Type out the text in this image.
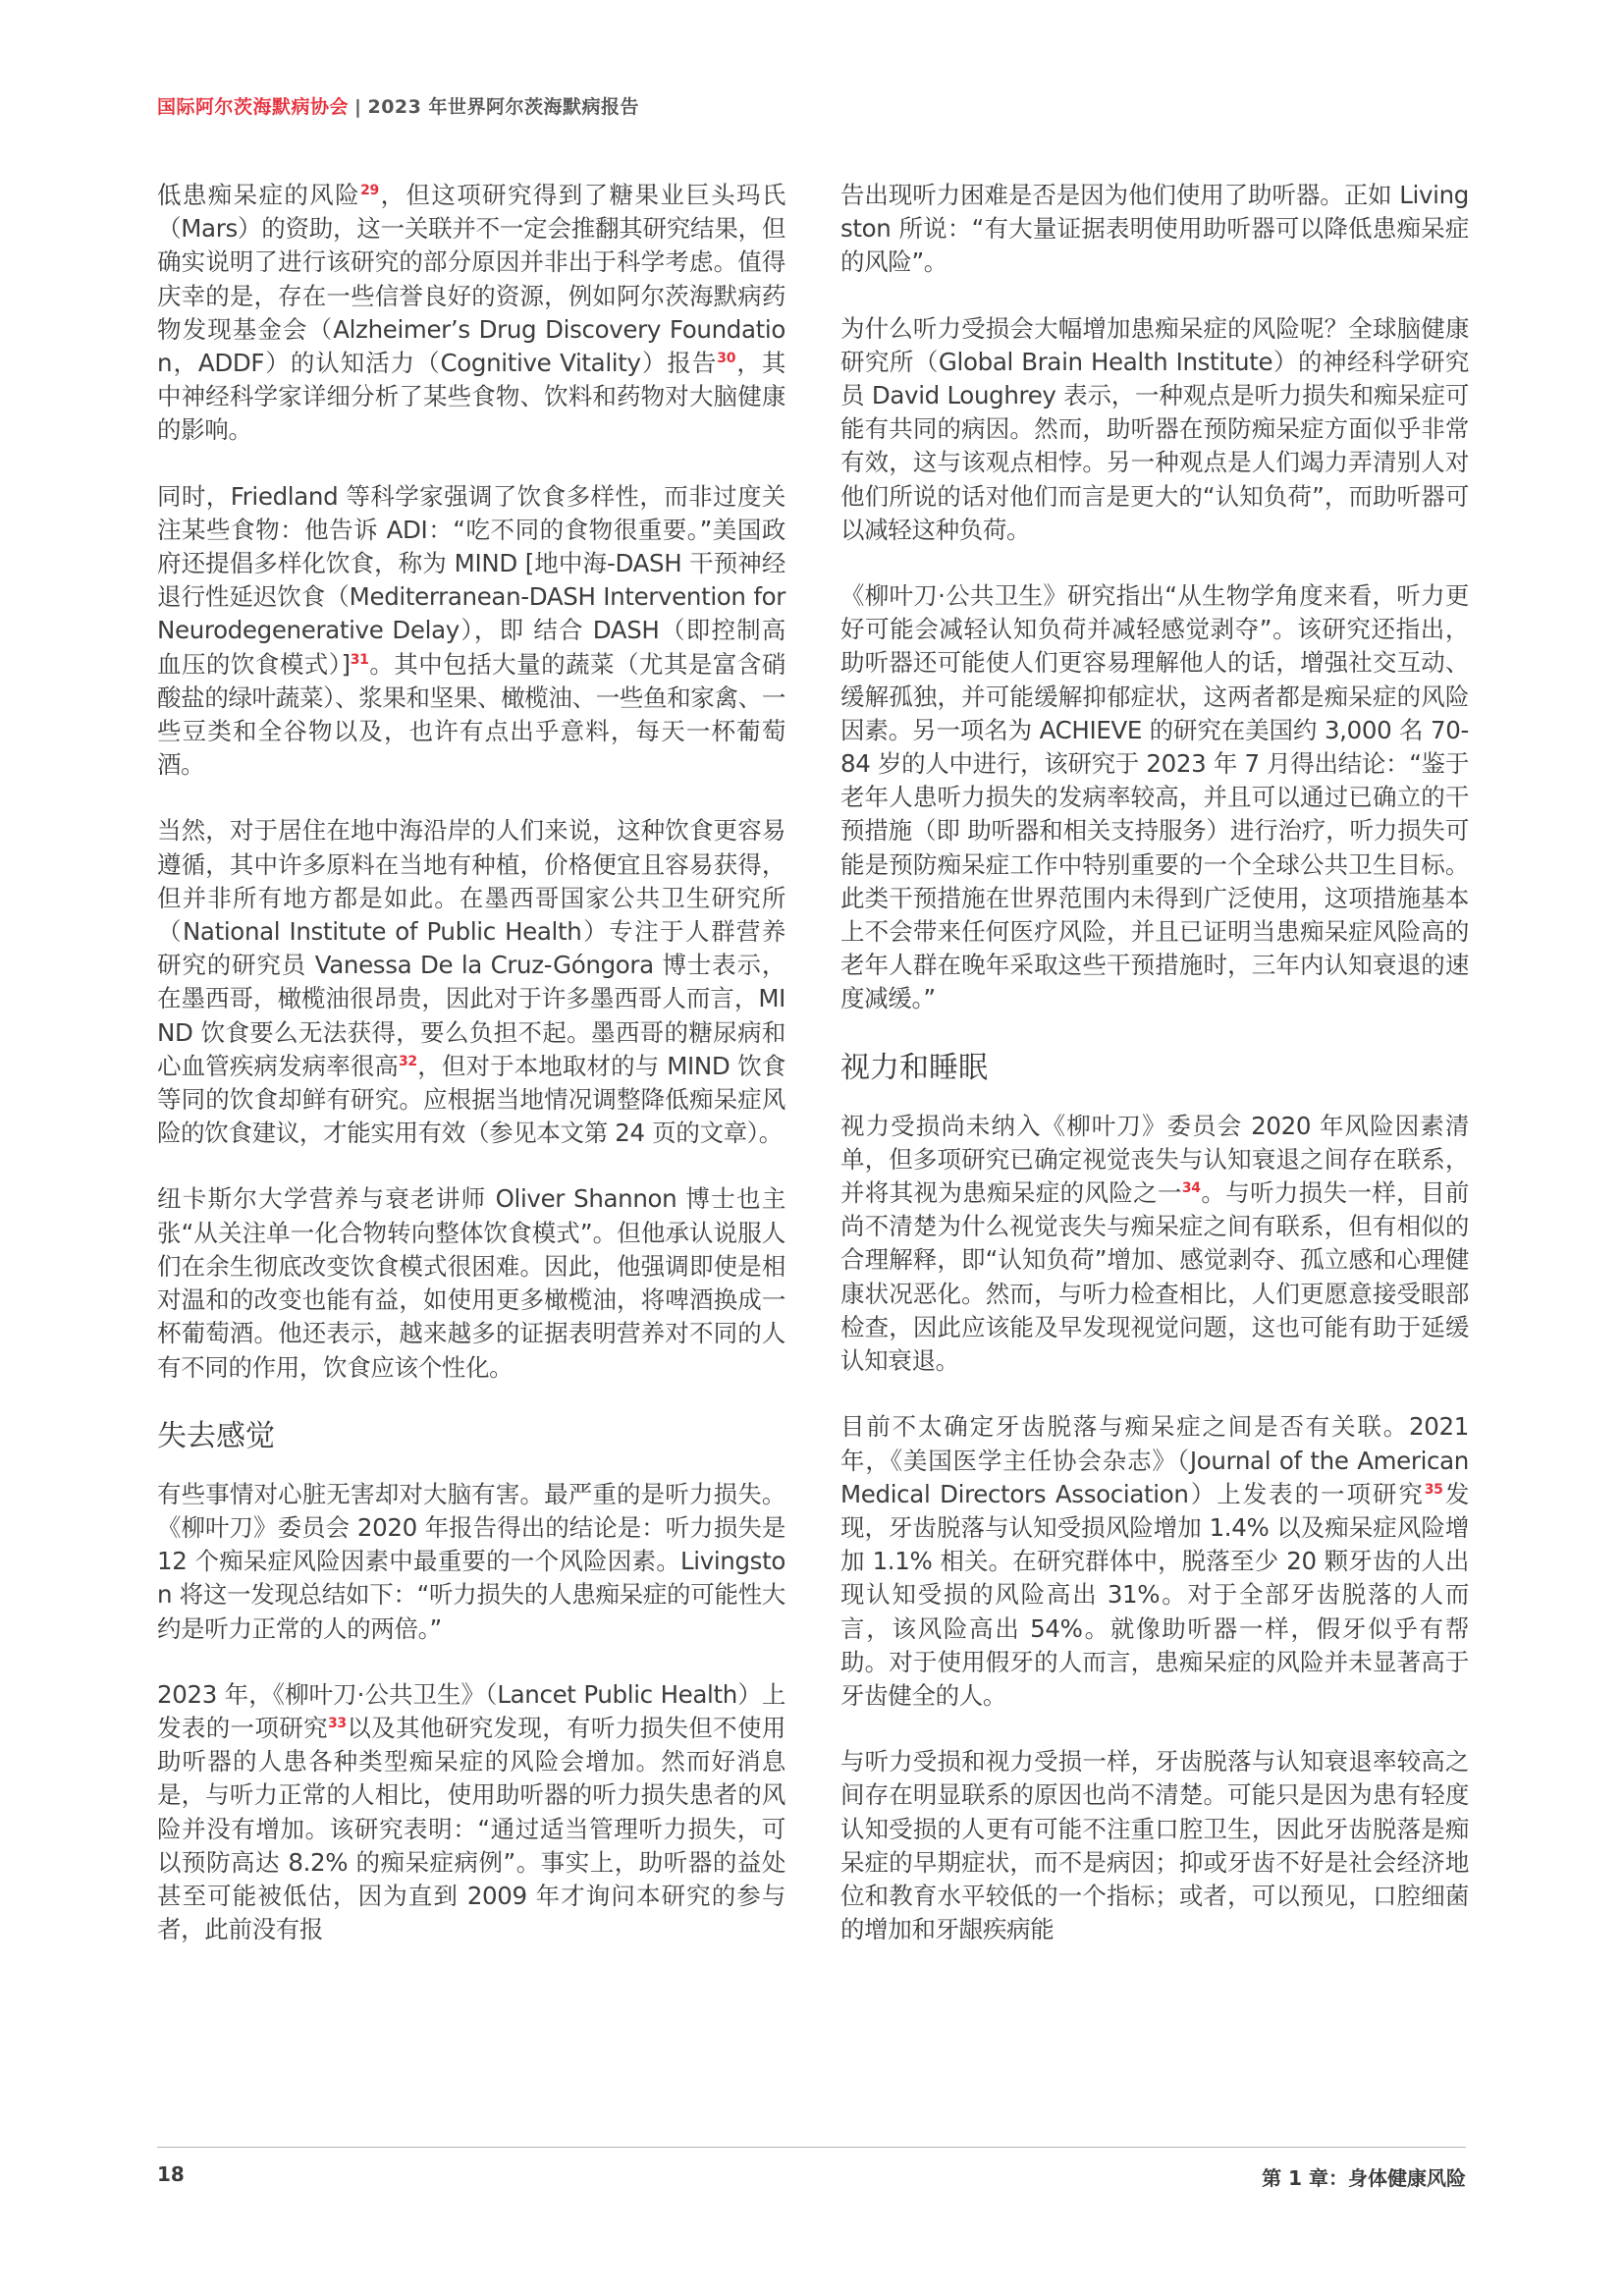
国际阿尔茨海默病协会 | 2023 年世界阿尔茨海默病报告

低患痴呆症的风险$^{29}$，但这项研究得到了糖果业巨头玛氏（Mars）的资助，这一关联并不一定会推翻其研究结果，但确实说明了进行该研究的部分原因并非出于科学考虑。值得庆幸的是，存在一些信誉良好的资源，例如阿尔茨海默病药物发现基金会（Alzheimer’s Drug Discovery Foundation，ADDF）的认知活力（Cognitive Vitality）报告$^{30}$，其中神经科学家详细分析了某些食物、饮料和药物对大脑健康的影响。

同时，Friedland 等科学家强调了饮食多样性，而非过度关注某些食物：他告诉 ADI：“吃不同的食物很重要。”美国政府还提倡多样化饮食，称为 MIND [地中海-DASH 干预神经退行性延迟饮食（Mediterranean-DASH Intervention for Neurodegenerative Delay），即 结合 DASH（即控制高血压的饮食模式）]$^{31}$。其中包括大量的蔬菜（尤其是富含硝酸盐的绿叶蔬菜）、浆果和坚果、橄榄油、一些鱼和家禽、一些豆类和全谷物以及，也许有点出乎意料，每天一杯葡萄酒。

当然，对于居住在地中海沿岸的人们来说，这种饮食更容易遵循，其中许多原料在当地有种植，价格便宜且容易获得，但并非所有地方都是如此。在墨西哥国家公共卫生研究所（National Institute of Public Health）专注于人群营养研究的研究员 Vanessa De la Cruz-Góngora 博士表示，在墨西哥，橄榄油很昂贵，因此对于许多墨西哥人而言，MIND 饮食要么无法获得，要么负担不起。墨西哥的糖尿病和心血管疾病发病率很高$^{32}$，但对于本地取材的与 MIND 饮食等同的饮食却鲜有研究。应根据当地情况调整降低痴呆症风险的饮食建议，才能实用有效（参见本文第 24 页的文章）。

纽卡斯尔大学营养与衰老讲师 Oliver Shannon 博士也主张“从关注单一化合物转向整体饮食模式”。但他承认说服人们在余生彻底改变饮食模式很困难。因此，他强调即使是相对温和的改变也能有益，如使用更多橄榄油，将啤酒换成一杯葡萄酒。他还表示，越来越多的证据表明营养对不同的人有不同的作用，饮食应该个性化。

失去感觉

有些事情对心脏无害却对大脑有害。最严重的是听力损失。《柳叶刀》委员会 2020 年报告得出的结论是：听力损失是 12 个痴呆症风险因素中最重要的一个风险因素。Livingston 将这一发现总结如下：“听力损失的人患痴呆症的可能性大约是听力正常的人的两倍。”

2023 年，《柳叶刀·公共卫生》（Lancet Public Health）上发表的一项研究$^{33}$以及其他研究发现，有听力损失但不使用助听器的人患各种类型痴呆症的风险会增加。然而好消息是，与听力正常的人相比，使用助听器的听力损失患者的风险并没有增加。该研究表明：“通过适当管理听力损失，可以预防高达 8.2% 的痴呆症病例”。事实上，助听器的益处甚至可能被低估，因为直到 2009 年才询问本研究的参与者，此前没有报

告出现听力困难是否是因为他们使用了助听器。正如 Livingston 所说：“有大量证据表明使用助听器可以降低患痴呆症的风险”。

为什么听力受损会大幅增加患痴呆症的风险呢？全球脑健康研究所（Global Brain Health Institute）的神经科学研究员 David Loughrey 表示，一种观点是听力损失和痴呆症可能有共同的病因。然而，助听器在预防痴呆症方面似乎非常有效，这与该观点相悖。另一种观点是人们竭力弄清别人对他们所说的话对他们而言是更大的“认知负荷”，而助听器可以减轻这种负荷。

《柳叶刀·公共卫生》研究指出“从生物学角度来看，听力更好可能会减轻认知负荷并减轻感觉剥夺”。该研究还指出，助听器还可能使人们更容易理解他人的话，增强社交互动、缓解孤独，并可能缓解抑郁症状，这两者都是痴呆症的风险因素。另一项名为 ACHIEVE 的研究在美国约 3,000 名 70-84 岁的人中进行，该研究于 2023 年 7 月得出结论：“鉴于老年人患听力损失的发病率较高，并且可以通过已确立的干预措施（即 助听器和相关支持服务）进行治疗，听力损失可能是预防痴呆症工作中特别重要的一个全球公共卫生目标。此类干预措施在世界范围内未得到广泛使用，这项措施基本上不会带来任何医疗风险，并且已证明当患痴呆症风险高的老年人群在晚年采取这些干预措施时，三年内认知衰退的速度减缓。”

视力和睡眠

视力受损尚未纳入《柳叶刀》委员会 2020 年风险因素清单，但多项研究已确定视觉丧失与认知衰退之间存在联系，并将其视为患痴呆症的风险之一$^{34}$。与听力损失一样，目前尚不清楚为什么视觉丧失与痴呆症之间有联系，但有相似的合理解释，即“认知负荷”增加、感觉剥夺、孤立感和心理健康状况恶化。然而，与听力检查相比，人们更愿意接受眼部检查，因此应该能及早发现视觉问题，这也可能有助于延缓认知衰退。

目前不太确定牙齿脱落与痴呆症之间是否有关联。2021 年，《美国医学主任协会杂志》（Journal of the American Medical Directors Association）上发表的一项研究$^{35}$发现，牙齿脱落与认知受损风险增加 1.4% 以及痴呆症风险增加 1.1% 相关。在研究群体中，脱落至少 20 颗牙齿的人出现认知受损的风险高出 31%。对于全部牙齿脱落的人而言，该风险高出 54%。就像助听器一样，假牙似乎有帮助。对于使用假牙的人而言，患痴呆症的风险并未显著高于牙齿健全的人。

与听力受损和视力受损一样，牙齿脱落与认知衰退率较高之间存在明显联系的原因也尚不清楚。可能只是因为患有轻度认知受损的人更有可能不注重口腔卫生，因此牙齿脱落是痴呆症的早期症状，而不是病因；抑或牙齿不好是社会经济地位和教育水平较低的一个指标；或者，可以预见，口腔细菌的增加和牙龈疾病能

18	第 1 章：身体健康风险
